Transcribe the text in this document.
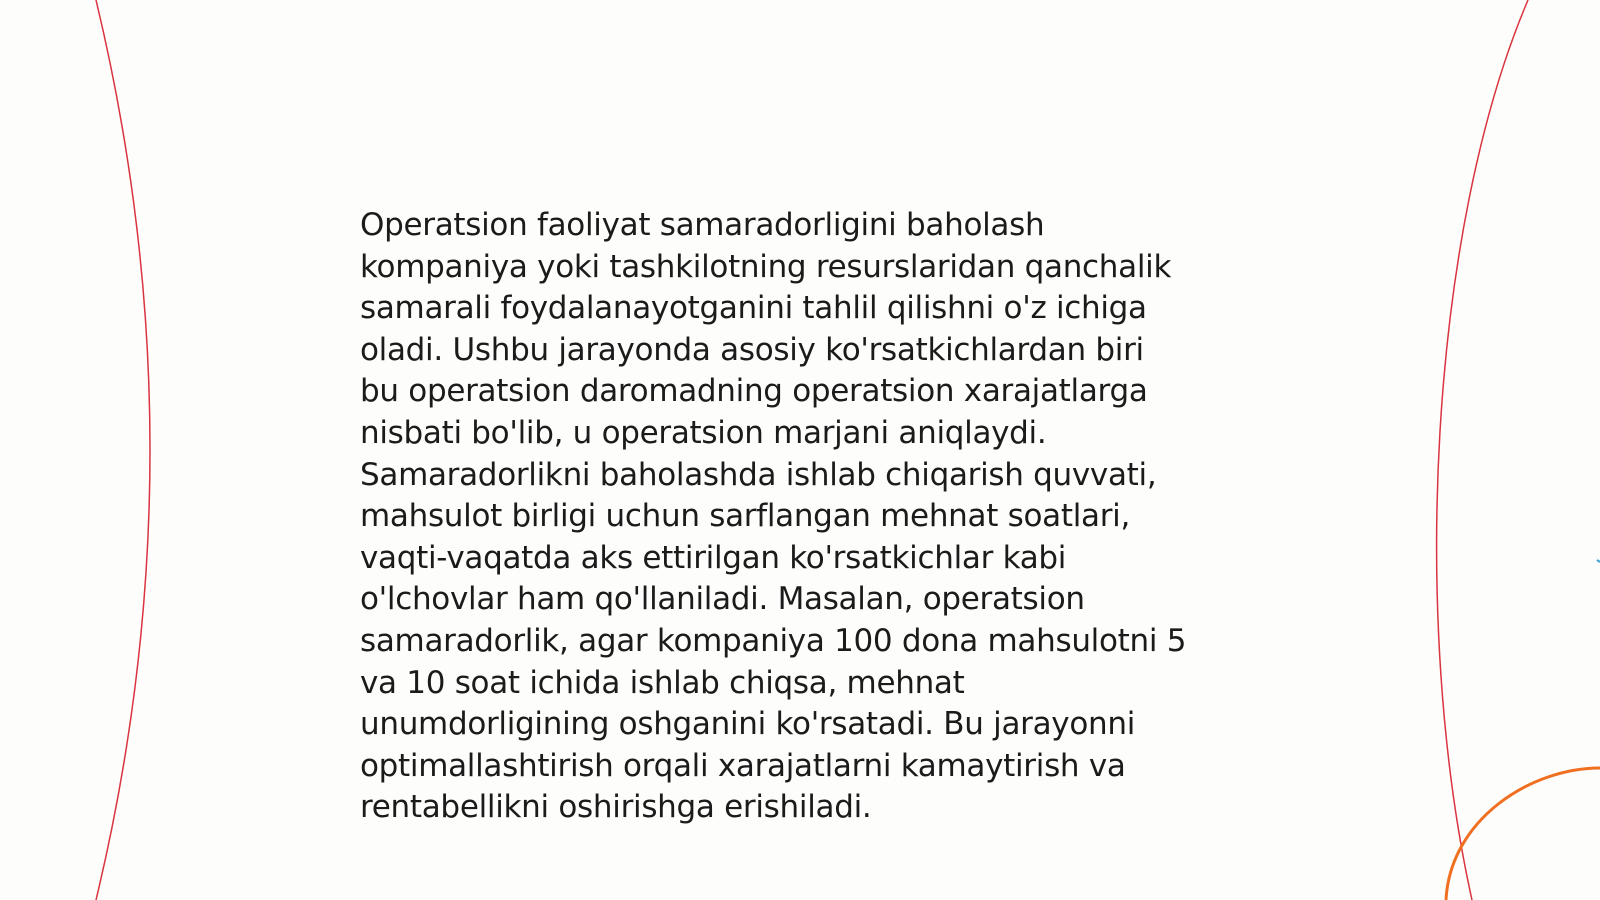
Operatsion faoliyat samaradorligini baholash
kompaniya yoki tashkilotning resurslaridan qanchalik
samarali foydalanayotganini tahlil qilishni o'z ichiga
oladi. Ushbu jarayonda asosiy ko'rsatkichlardan biri
bu operatsion daromadning operatsion xarajatlarga
nisbati bo'lib, u operatsion marjani aniqlaydi.
Samaradorlikni baholashda ishlab chiqarish quvvati,
mahsulot birligi uchun sarflangan mehnat soatlari,
vaqti-vaqatda aks ettirilgan ko'rsatkichlar kabi
o'lchovlar ham qo'llaniladi. Masalan, operatsion
samaradorlik, agar kompaniya 100 dona mahsulotni 5
va 10 soat ichida ishlab chiqsa, mehnat
unumdorligining oshganini ko'rsatadi. Bu jarayonni
optimallashtirish orqali xarajatlarni kamaytirish va
rentabellikni oshirishga erishiladi.
